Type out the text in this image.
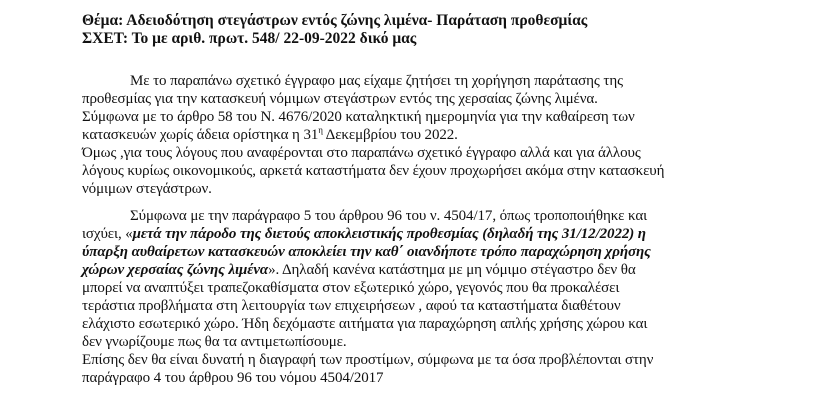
Θέμα: Αδειοδότηση στεγάστρων εντός ζώνης λιμένα- Παράταση προθεσμίας
ΣΧΕΤ: Το με αριθ. πρωτ. 548/ 22-09-2022 δικό μας
Με το παραπάνω σχετικό έγγραφο μας είχαμε ζητήσει τη χορήγηση παράτασης της
προθεσμίας για την κατασκευή νόμιμων στεγάστρων εντός της χερσαίας ζώνης λιμένα.
Σύμφωνα με το άρθρο 58 του Ν. 4676/2020 καταληκτική ημερομηνία για την καθαίρεση των
κατασκευών χωρίς άδεια ορίστηκα η $31^\eta$ Δεκεμβρίου του 2022.
Όμως ,για τους λόγους που αναφέρονται στο παραπάνω σχετικό έγγραφο αλλά και για άλλους
λόγους κυρίως οικονομικούς, αρκετά καταστήματα δεν έχουν προχωρήσει ακόμα στην κατασκευή
νόμιμων στεγάστρων.
Σύμφωνα με την παράγραφο 5 του άρθρου 96 του ν. 4504/17, όπως τροποποιήθηκε και
ισχύει, «μετά την πάροδο της διετούς αποκλειστικής προθεσμίας (δηλαδή της 31/12/2022) η
ύπαρξη αυθαίρετων κατασκευών αποκλείει την καθ΄ οιανδήποτε τρόπο παραχώρηση χρήσης
χώρων χερσαίας ζώνης λιμένα». Δηλαδή κανένα κατάστημα με μη νόμιμο στέγαστρο δεν θα
μπορεί να αναπτύξει τραπεζοκαθίσματα στον εξωτερικό χώρο, γεγονός που θα προκαλέσει
τεράστια προβλήματα στη λειτουργία των επιχειρήσεων , αφού τα καταστήματα διαθέτουν
ελάχιστο εσωτερικό χώρο. Ήδη δεχόμαστε αιτήματα για παραχώρηση απλής χρήσης χώρου και
δεν γνωρίζουμε πως θα τα αντιμετωπίσουμε.
Επίσης δεν θα είναι δυνατή η διαγραφή των προστίμων, σύμφωνα με τα όσα προβλέπονται στην
παράγραφο 4 του άρθρου 96 του νόμου 4504/2017
